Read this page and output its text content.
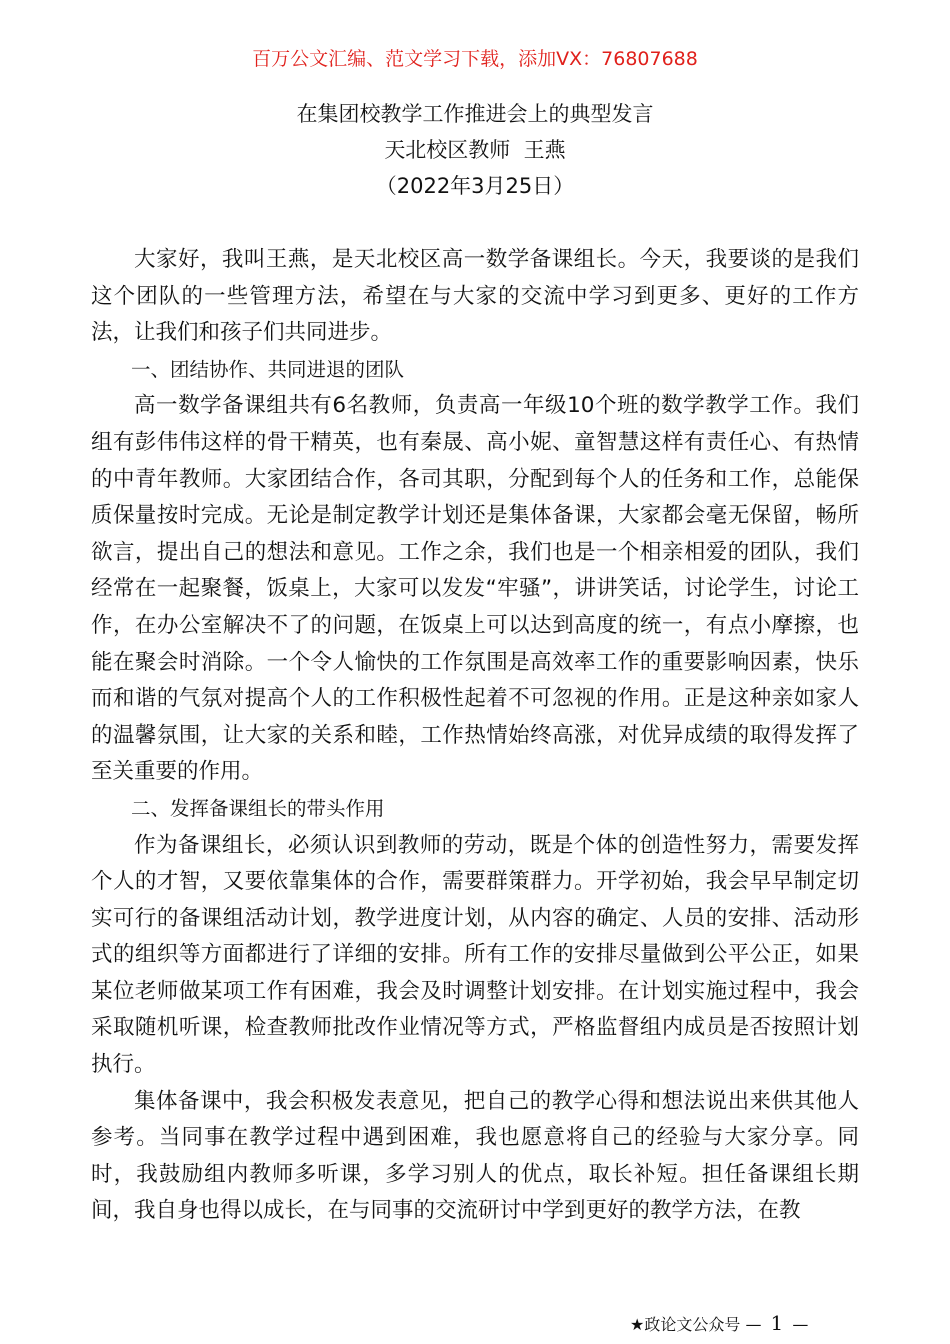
百万公文汇编、范文学习下载，添加VX：76807688
在集团校教学工作推进会上的典型发言
天北校区教师  王燕
（2022年3月25日）

大家好，我叫王燕，是天北校区高一数学备课组长。今天，我要谈的是我们这个团队的一些管理方法，希望在与大家的交流中学习到更多、更好的工作方法，让我们和孩子们共同进步。

一、团结协作、共同进退的团队

高一数学备课组共有6名教师，负责高一年级10个班的数学教学工作。我们组有彭伟伟这样的骨干精英，也有秦晟、高小妮、童智慧这样有责任心、有热情的中青年教师。大家团结合作，各司其职，分配到每个人的任务和工作，总能保质保量按时完成。无论是制定教学计划还是集体备课，大家都会毫无保留，畅所欲言，提出自己的想法和意见。工作之余，我们也是一个相亲相爱的团队，我们经常在一起聚餐，饭桌上，大家可以发发“牢骚”，讲讲笑话，讨论学生，讨论工作，在办公室解决不了的问题，在饭桌上可以达到高度的统一，有点小摩擦，也能在聚会时消除。一个令人愉快的工作氛围是高效率工作的重要影响因素，快乐而和谐的气氛对提高个人的工作积极性起着不可忽视的作用。正是这种亲如家人的温馨氛围，让大家的关系和睦，工作热情始终高涨，对优异成绩的取得发挥了至关重要的作用。

二、发挥备课组长的带头作用

作为备课组长，必须认识到教师的劳动，既是个体的创造性努力，需要发挥个人的才智，又要依靠集体的合作，需要群策群力。开学初始，我会早早制定切实可行的备课组活动计划，教学进度计划，从内容的确定、人员的安排、活动形式的组织等方面都进行了详细的安排。所有工作的安排尽量做到公平公正，如果某位老师做某项工作有困难，我会及时调整计划安排。在计划实施过程中，我会采取随机听课，检查教师批改作业情况等方式，严格监督组内成员是否按照计划执行。

集体备课中，我会积极发表意见，把自己的教学心得和想法说出来供其他人参考。当同事在教学过程中遇到困难，我也愿意将自己的经验与大家分享。同时，我鼓励组内教师多听课，多学习别人的优点，取长补短。担任备课组长期间，我自身也得以成长，在与同事的交流研讨中学到更好的教学方法，在教

★政论文公众号 — 1 —
